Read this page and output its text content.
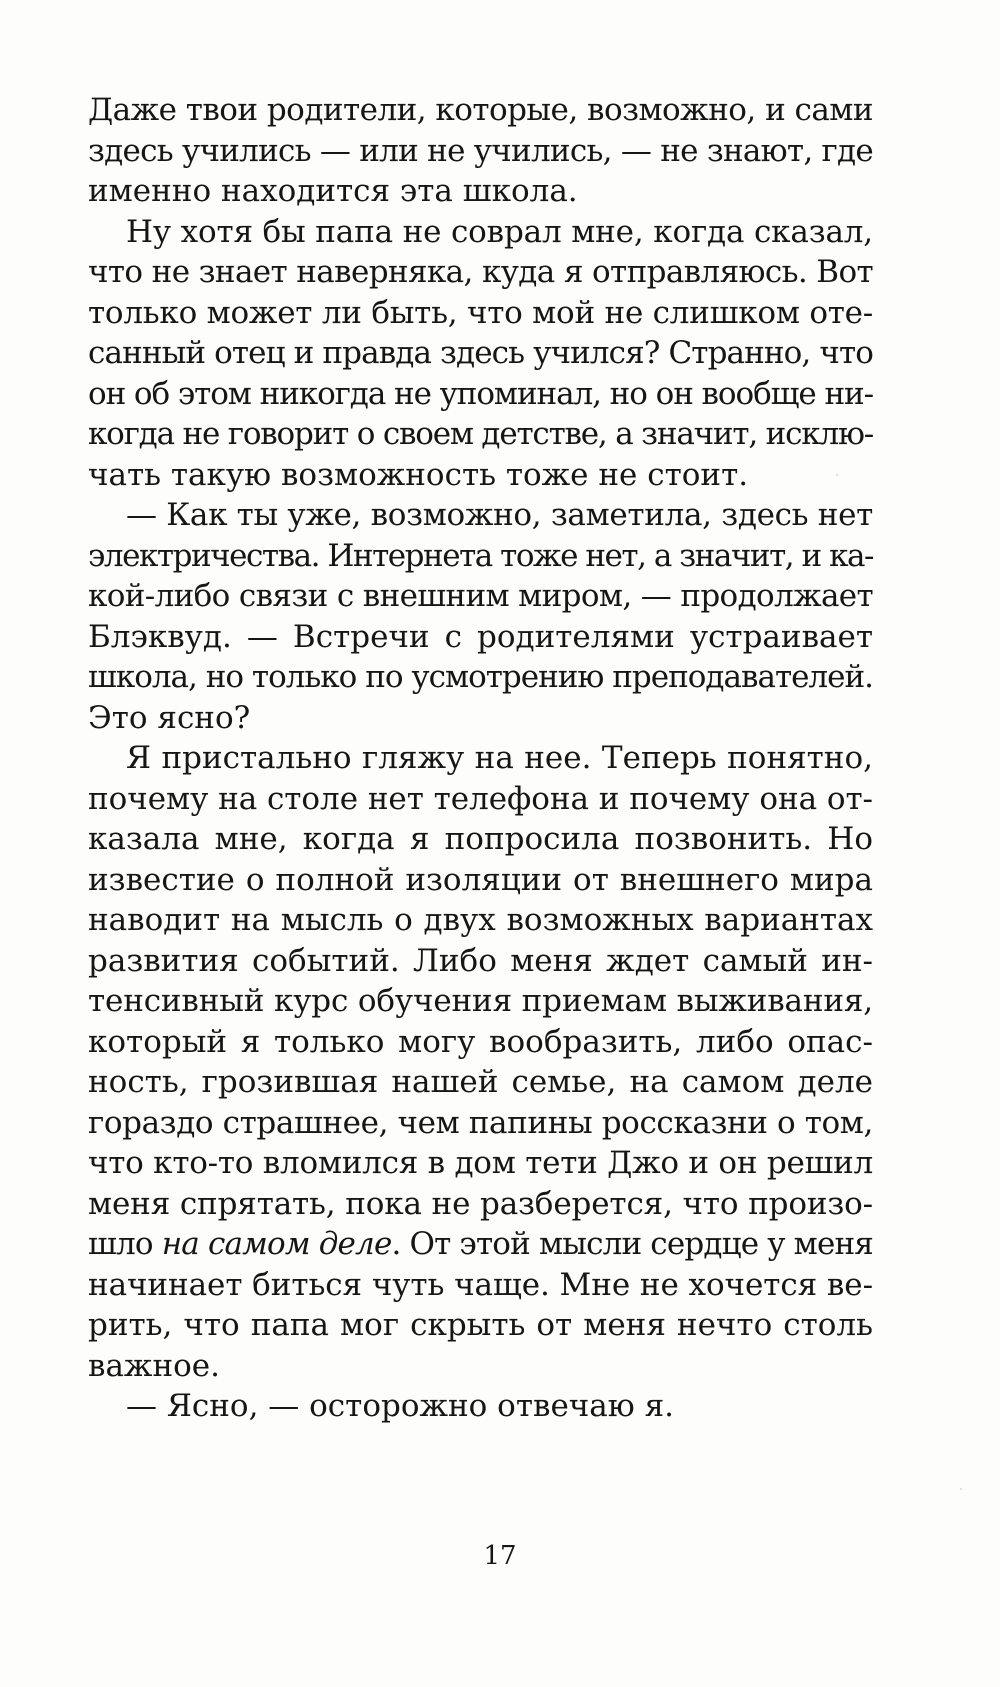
Даже твои родители, которые, возможно, и сами
здесь учились — или не учились, — не знают, где
именно находится эта школа.
Ну хотя бы папа не соврал мне, когда сказал,
что не знает наверняка, куда я отправляюсь. Вот
только может ли быть, что мой не слишком оте-
санный отец и правда здесь учился? Странно, что
он об этом никогда не упоминал, но он вообще ни-
когда не говорит о своем детстве, а значит, исклю-
чать такую возможность тоже не стоит.
— Как ты уже, возможно, заметила, здесь нет
электричества. Интернета тоже нет, а значит, и ка-
кой-либо связи с внешним миром, — продолжает
Блэквуд. — Встречи с родителями устраивает
школа, но только по усмотрению преподавателей.
Это ясно?
Я пристально гляжу на нее. Теперь понятно,
почему на столе нет телефона и почему она от-
казала мне, когда я попросила позвонить. Но
известие о полной изоляции от внешнего мира
наводит на мысль о двух возможных вариантах
развития событий. Либо меня ждет самый ин-
тенсивный курс обучения приемам выживания,
который я только могу вообразить, либо опас-
ность, грозившая нашей семье, на самом деле
гораздо страшнее, чем папины россказни о том,
что кто-то вломился в дом тети Джо и он решил
меня спрятать, пока не разберется, что произо-
шло на самом деле. От этой мысли сердце у меня
начинает биться чуть чаще. Мне не хочется ве-
рить, что папа мог скрыть от меня нечто столь
важное.
— Ясно, — осторожно отвечаю я.
17
